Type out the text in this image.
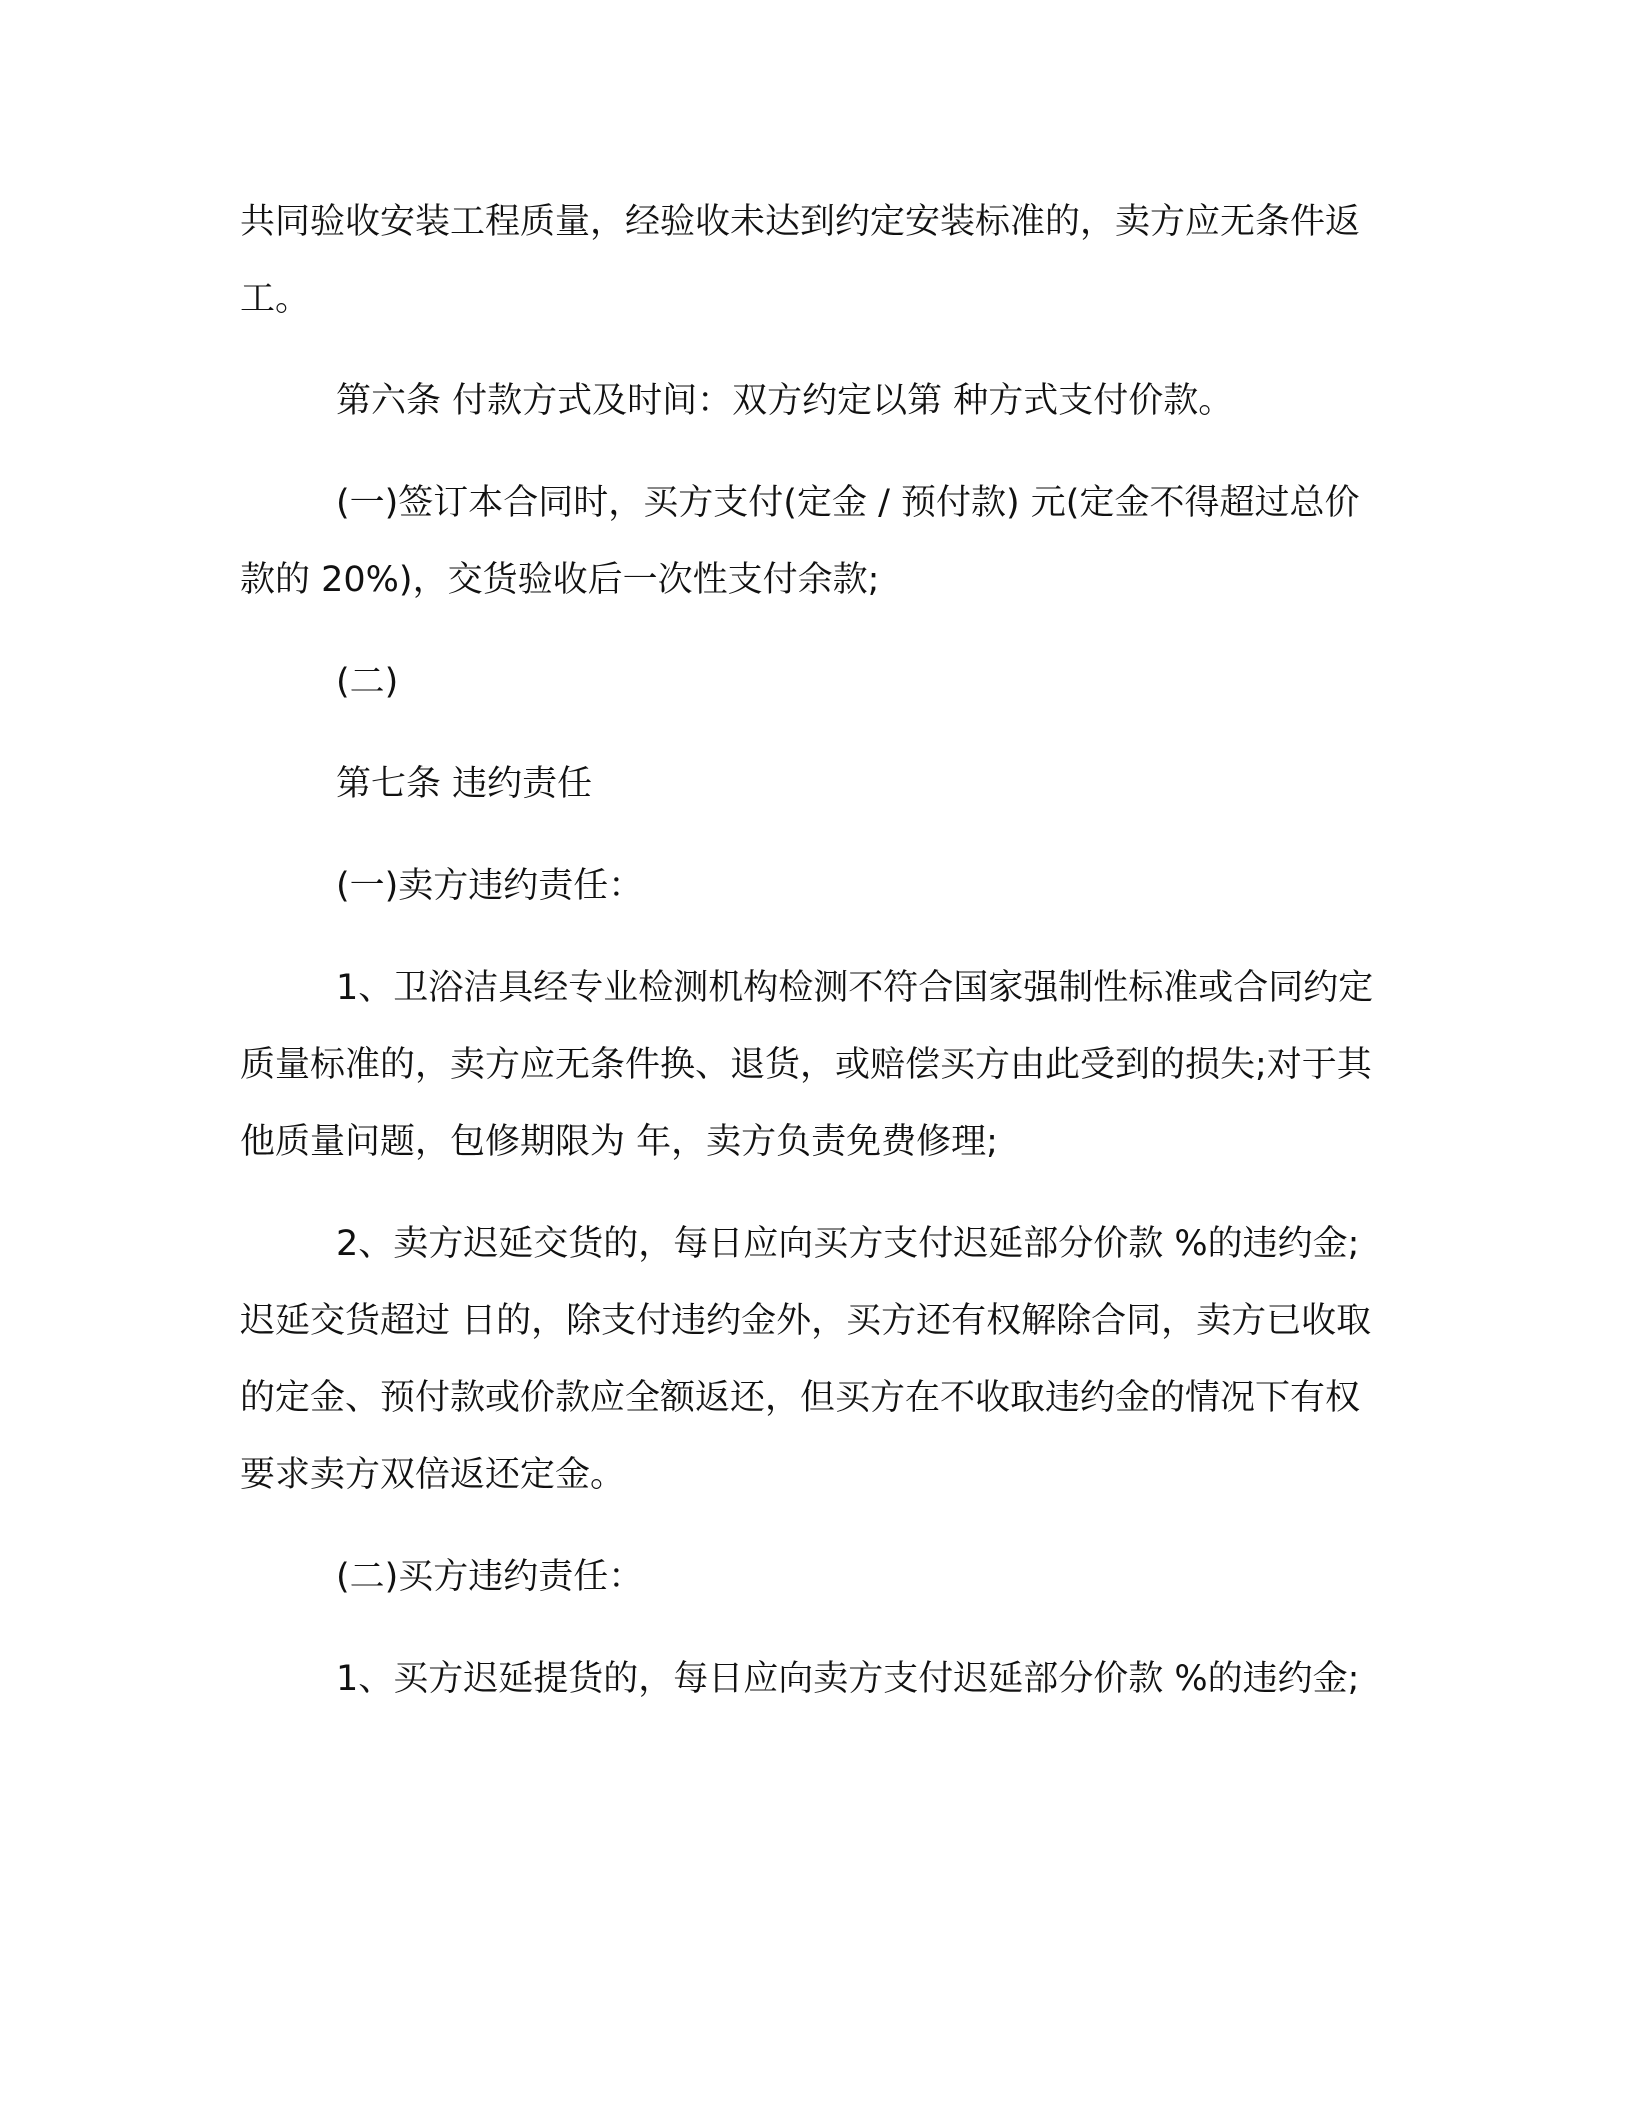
共同验收安装工程质量，经验收未达到约定安装标准的，卖方应无条件返工。

第六条 付款方式及时间：双方约定以第 种方式支付价款。

(一)签订本合同时，买方支付(定金 / 预付款) 元(定金不得超过总价款的 20%)，交货验收后一次性支付余款;

(二)

第七条 违约责任

(一)卖方违约责任：

1、卫浴洁具经专业检测机构检测不符合国家强制性标准或合同约定质量标准的，卖方应无条件换、退货，或赔偿买方由此受到的损失;对于其他质量问题，包修期限为 年，卖方负责免费修理;

2、卖方迟延交货的，每日应向买方支付迟延部分价款 %的违约金;迟延交货超过 日的，除支付违约金外，买方还有权解除合同，卖方已收取的定金、预付款或价款应全额返还，但买方在不收取违约金的情况下有权要求卖方双倍返还定金。

(二)买方违约责任：

1、买方迟延提货的，每日应向卖方支付迟延部分价款 %的违约金;
